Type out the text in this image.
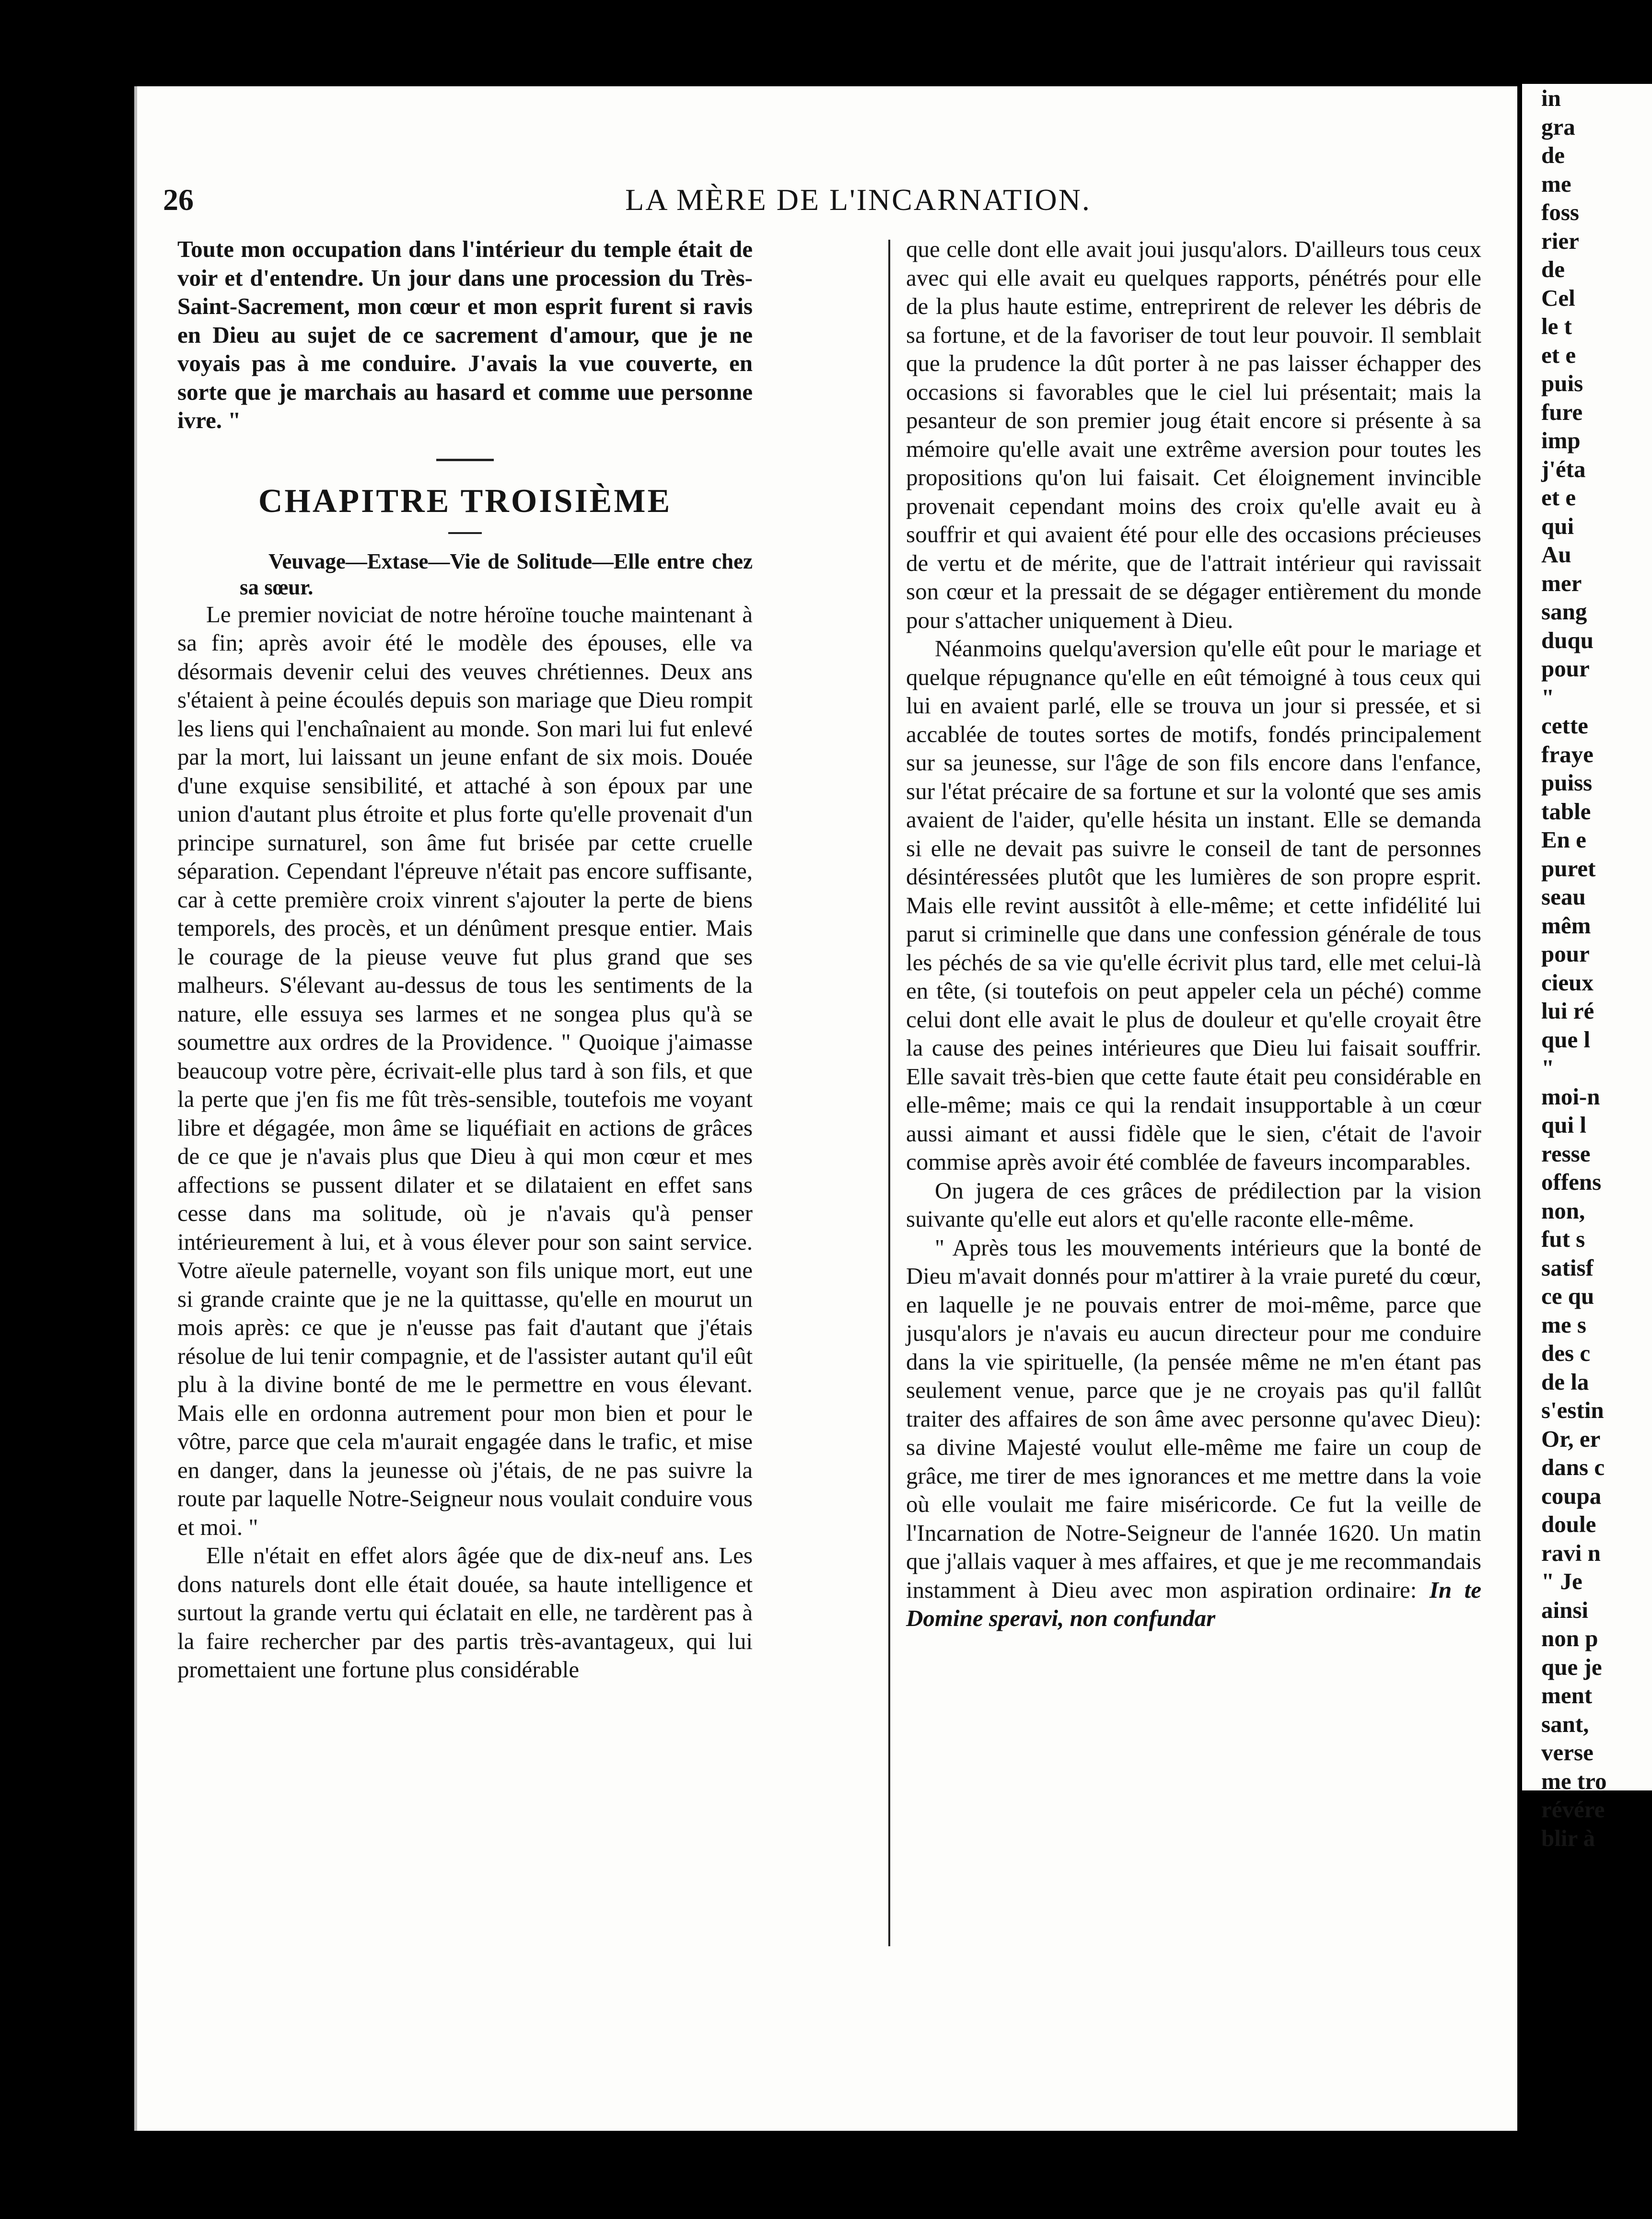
26	LA MÈRE DE L'INCARNATION.

Toute mon occupation dans l'intérieur du temple était de voir et d'entendre. Un jour dans une procession du Très-Saint-Sacrement, mon cœur et mon esprit furent si ravis en Dieu au sujet de ce sacrement d'amour, que je ne voyais pas à me conduire. J'avais la vue couverte, en sorte que je marchais au hasard et comme uue personne ivre. "

CHAPITRE TROISIÈME

Veuvage—Extase—Vie de Solitude—Elle entre chez sa sœur.

Le premier noviciat de notre héroïne touche maintenant à sa fin; après avoir été le modèle des épouses, elle va désormais devenir celui des veuves chrétiennes. Deux ans s'étaient à peine écoulés depuis son mariage que Dieu rompit les liens qui l'enchaînaient au monde. Son mari lui fut enlevé par la mort, lui laissant un jeune enfant de six mois. Douée d'une exquise sensibilité, et attaché à son époux par une union d'autant plus étroite et plus forte qu'elle provenait d'un principe surnaturel, son âme fut brisée par cette cruelle séparation. Cependant l'épreuve n'était pas encore suffisante, car à cette première croix vinrent s'ajouter la perte de biens temporels, des procès, et un dénûment presque entier. Mais le courage de la pieuse veuve fut plus grand que ses malheurs. S'élevant au-dessus de tous les sentiments de la nature, elle essuya ses larmes et ne songea plus qu'à se soumettre aux ordres de la Providence. " Quoique j'aimasse beaucoup votre père, écrivait-elle plus tard à son fils, et que la perte que j'en fis me fût très-sensible, toutefois me voyant libre et dégagée, mon âme se liquéfiait en actions de grâces de ce que je n'avais plus que Dieu à qui mon cœur et mes affections se pussent dilater et se dilataient en effet sans cesse dans ma solitude, où je n'avais qu'à penser intérieurement à lui, et à vous élever pour son saint service. Votre aïeule paternelle, voyant son fils unique mort, eut une si grande crainte que je ne la quittasse, qu'elle en mourut un mois après: ce que je n'eusse pas fait d'autant que j'étais résolue de lui tenir compagnie, et de l'assister autant qu'il eût plu à la divine bonté de me le permettre en vous élevant. Mais elle en ordonna autrement pour mon bien et pour le vôtre, parce que cela m'aurait engagée dans le trafic, et mise en danger, dans la jeunesse où j'étais, de ne pas suivre la route par laquelle Notre-Seigneur nous voulait conduire vous et moi. "

Elle n'était en effet alors âgée que de dix-neuf ans. Les dons naturels dont elle était douée, sa haute intelligence et surtout la grande vertu qui éclatait en elle, ne tardèrent pas à la faire rechercher par des partis très-avantageux, qui lui promettaient une fortune plus considérable

que celle dont elle avait joui jusqu'alors. D'ailleurs tous ceux avec qui elle avait eu quelques rapports, pénétrés pour elle de la plus haute estime, entreprirent de relever les débris de sa fortune, et de la favoriser de tout leur pouvoir. Il semblait que la prudence la dût porter à ne pas laisser échapper des occasions si favorables que le ciel lui présentait; mais la pesanteur de son premier joug était encore si présente à sa mémoire qu'elle avait une extrême aversion pour toutes les propositions qu'on lui faisait. Cet éloignement invincible provenait cependant moins des croix qu'elle avait eu à souffrir et qui avaient été pour elle des occasions précieuses de vertu et de mérite, que de l'attrait intérieur qui ravissait son cœur et la pressait de se dégager entièrement du monde pour s'attacher uniquement à Dieu.

Néanmoins quelqu'aversion qu'elle eût pour le mariage et quelque répugnance qu'elle en eût témoigné à tous ceux qui lui en avaient parlé, elle se trouva un jour si pressée, et si accablée de toutes sortes de motifs, fondés principalement sur sa jeunesse, sur l'âge de son fils encore dans l'enfance, sur l'état précaire de sa fortune et sur la volonté que ses amis avaient de l'aider, qu'elle hésita un instant. Elle se demanda si elle ne devait pas suivre le conseil de tant de personnes désintéressées plutôt que les lumières de son propre esprit. Mais elle revint aussitôt à elle-même; et cette infidélité lui parut si criminelle que dans une confession générale de tous les péchés de sa vie qu'elle écrivit plus tard, elle met celui-là en tête, (si toutefois on peut appeler cela un péché) comme celui dont elle avait le plus de douleur et qu'elle croyait être la cause des peines intérieures que Dieu lui faisait souffrir. Elle savait très-bien que cette faute était peu considérable en elle-même; mais ce qui la rendait insupportable à un cœur aussi aimant et aussi fidèle que le sien, c'était de l'avoir commise après avoir été comblée de faveurs incomparables.

On jugera de ces grâces de prédilection par la vision suivante qu'elle eut alors et qu'elle raconte elle-même.

" Après tous les mouvements intérieurs que la bonté de Dieu m'avait donnés pour m'attirer à la vraie pureté du cœur, en laquelle je ne pouvais entrer de moi-même, parce que jusqu'alors je n'avais eu aucun directeur pour me conduire dans la vie spirituelle, (la pensée même ne m'en étant pas seulement venue, parce que je ne croyais pas qu'il fallût traiter des affaires de son âme avec personne qu'avec Dieu): sa divine Majesté voulut elle-même me faire un coup de grâce, me tirer de mes ignorances et me mettre dans la voie où elle voulait me faire miséricorde. Ce fut la veille de l'Incarnation de Notre-Seigneur de l'année 1620. Un matin que j'allais vaquer à mes affaires, et que je me recommandais instamment à Dieu avec mon aspiration ordinaire: In te Domine speravi, non confundar

in
gra
de
me
foss
rier
de
Cel
le t
et e
puis
fure
imp
j'éta
et e
qui
Au
mer
sang
duqu
pour
"
cette
fraye
puiss
table
En e
puret
seau
mêm
pour
cieux
lui ré
que l
"
moi-n
qui l
resse
offens
non,
fut s
satisf
ce qu
me s
des c
de la
s'estin
Or, er
dans c
coupa
doule
ravi n
" Je
ainsi
non p
que je
ment
sant,
verse
me tro
révére
blir à
